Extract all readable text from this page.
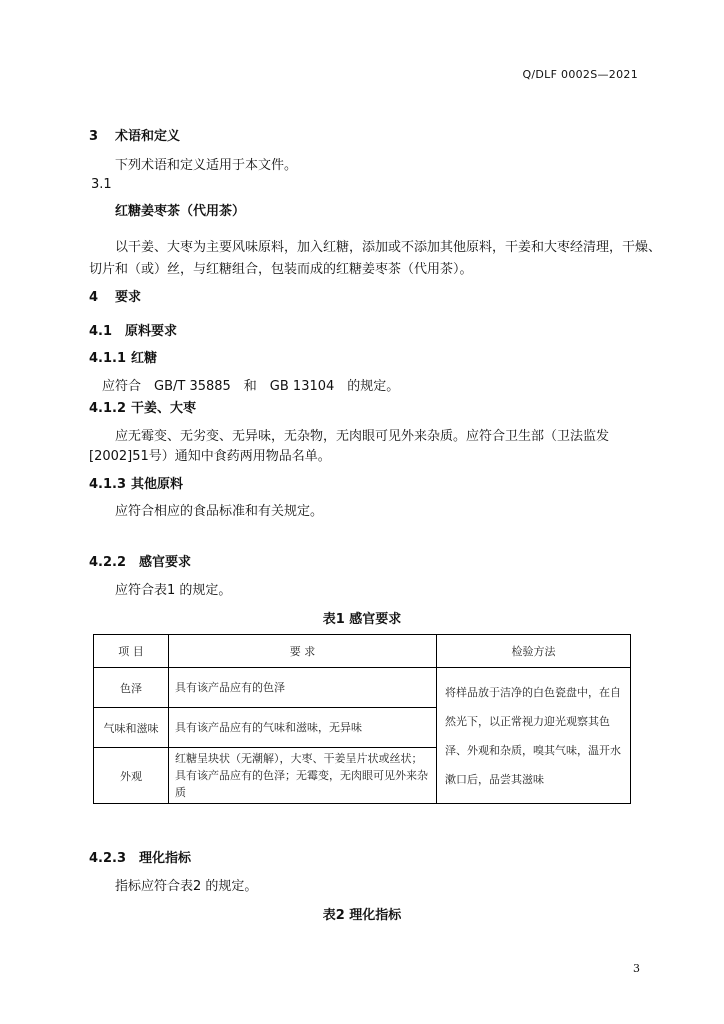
Q/DLF 0002S—2021
3 术语和定义
下列术语和定义适用于本文件。
3.1
红糖姜枣茶（代用茶）
以干姜、大枣为主要风味原料，加入红糖，添加或不添加其他原料，干姜和大枣经清理，干燥、
切片和（或）丝，与红糖组合，包装而成的红糖姜枣茶（代用茶）。
4 要求
4.1 原料要求
4.1.1 红糖
应符合　GB/T 35885　和　GB 13104　的规定。
4.1.2 干姜、大枣
应无霉变、无劣变、无异味，无杂物，无肉眼可见外来杂质。应符合卫生部（卫法监发
[2002]51号）通知中食药两用物品名单。
4.1.3 其他原料
应符合相应的食品标准和有关规定。
4.2.2 感官要求
应符合表1 的规定。
表1 感官要求
项 目	要 求	检验方法
色泽	具有该产品应有的色泽	将样品放于洁净的白色瓷盘中，在自然光下，以正常视力迎光观察其色泽、外观和杂质，嗅其气味，温开水漱口后，品尝其滋味
气味和滋味	具有该产品应有的气味和滋味，无异味	
外观	红糖呈块状（无潮解），大枣、干姜呈片状或丝状；
具有该产品应有的色泽；无霉变，无肉眼可见外来杂
质	
4.2.3 理化指标
指标应符合表2 的规定。
表2 理化指标
3
